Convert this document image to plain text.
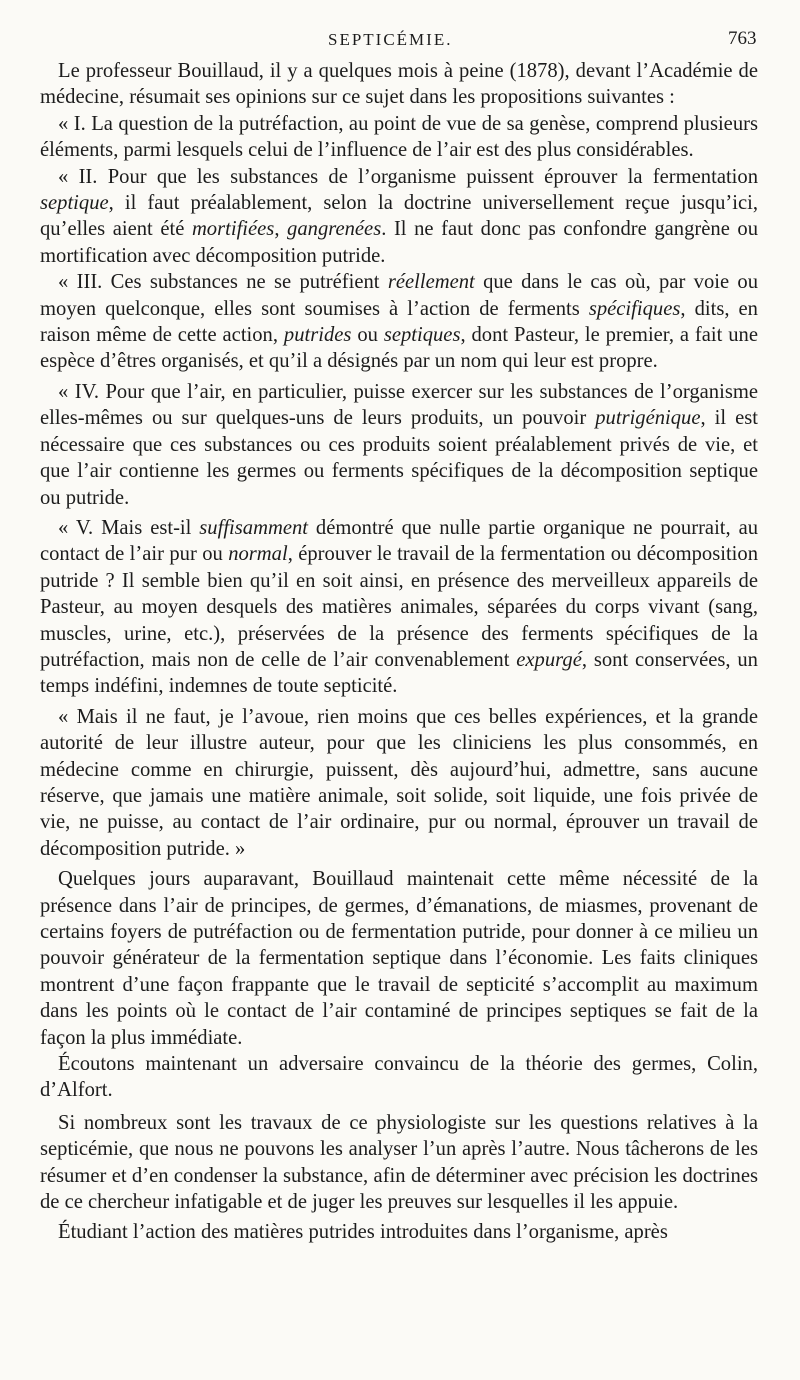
SEPTICÉMIE.	763

Le professeur Bouillaud, il y a quelques mois à peine (1878), devant l’Académie de médecine, résumait ses opinions sur ce sujet dans les propositions suivantes :

« I. La question de la putréfaction, au point de vue de sa genèse, comprend plusieurs éléments, parmi lesquels celui de l’influence de l’air est des plus considérables.

« II. Pour que les substances de l’organisme puissent éprouver la fermentation septique, il faut préalablement, selon la doctrine universellement reçue jusqu’ici, qu’elles aient été mortifiées, gangrenées. Il ne faut donc pas confondre gangrène ou mortification avec décomposition putride.

« III. Ces substances ne se putréfient réellement que dans le cas où, par voie ou moyen quelconque, elles sont soumises à l’action de ferments spécifiques, dits, en raison même de cette action, putrides ou septiques, dont Pasteur, le premier, a fait une espèce d’êtres organisés, et qu’il a désignés par un nom qui leur est propre.

« IV. Pour que l’air, en particulier, puisse exercer sur les substances de l’organisme elles-mêmes ou sur quelques-uns de leurs produits, un pouvoir putrigénique, il est nécessaire que ces substances ou ces produits soient préalablement privés de vie, et que l’air contienne les germes ou ferments spécifiques de la décomposition septique ou putride.

« V. Mais est-il suffisamment démontré que nulle partie organique ne pourrait, au contact de l’air pur ou normal, éprouver le travail de la fermentation ou décomposition putride ? Il semble bien qu’il en soit ainsi, en présence des merveilleux appareils de Pasteur, au moyen desquels des matières animales, séparées du corps vivant (sang, muscles, urine, etc.), préservées de la présence des ferments spécifiques de la putréfaction, mais non de celle de l’air convenablement expurgé, sont conservées, un temps indéfini, indemnes de toute septicité.

« Mais il ne faut, je l’avoue, rien moins que ces belles expériences, et la grande autorité de leur illustre auteur, pour que les cliniciens les plus consommés, en médecine comme en chirurgie, puissent, dès aujourd’hui, admettre, sans aucune réserve, que jamais une matière animale, soit solide, soit liquide, une fois privée de vie, ne puisse, au contact de l’air ordinaire, pur ou normal, éprouver un travail de décomposition putride. »

Quelques jours auparavant, Bouillaud maintenait cette même nécessité de la présence dans l’air de principes, de germes, d’émanations, de miasmes, provenant de certains foyers de putréfaction ou de fermentation putride, pour donner à ce milieu un pouvoir générateur de la fermentation septique dans l’économie. Les faits cliniques montrent d’une façon frappante que le travail de septicité s’accomplit au maximum dans les points où le contact de l’air contaminé de principes septiques se fait de la façon la plus immédiate.

Écoutons maintenant un adversaire convaincu de la théorie des germes, Colin, d’Alfort.

Si nombreux sont les travaux de ce physiologiste sur les questions relatives à la septicémie, que nous ne pouvons les analyser l’un après l’autre. Nous tâcherons de les résumer et d’en condenser la substance, afin de déterminer avec précision les doctrines de ce chercheur infatigable et de juger les preuves sur lesquelles il les appuie.

Étudiant l’action des matières putrides introduites dans l’organisme, après
